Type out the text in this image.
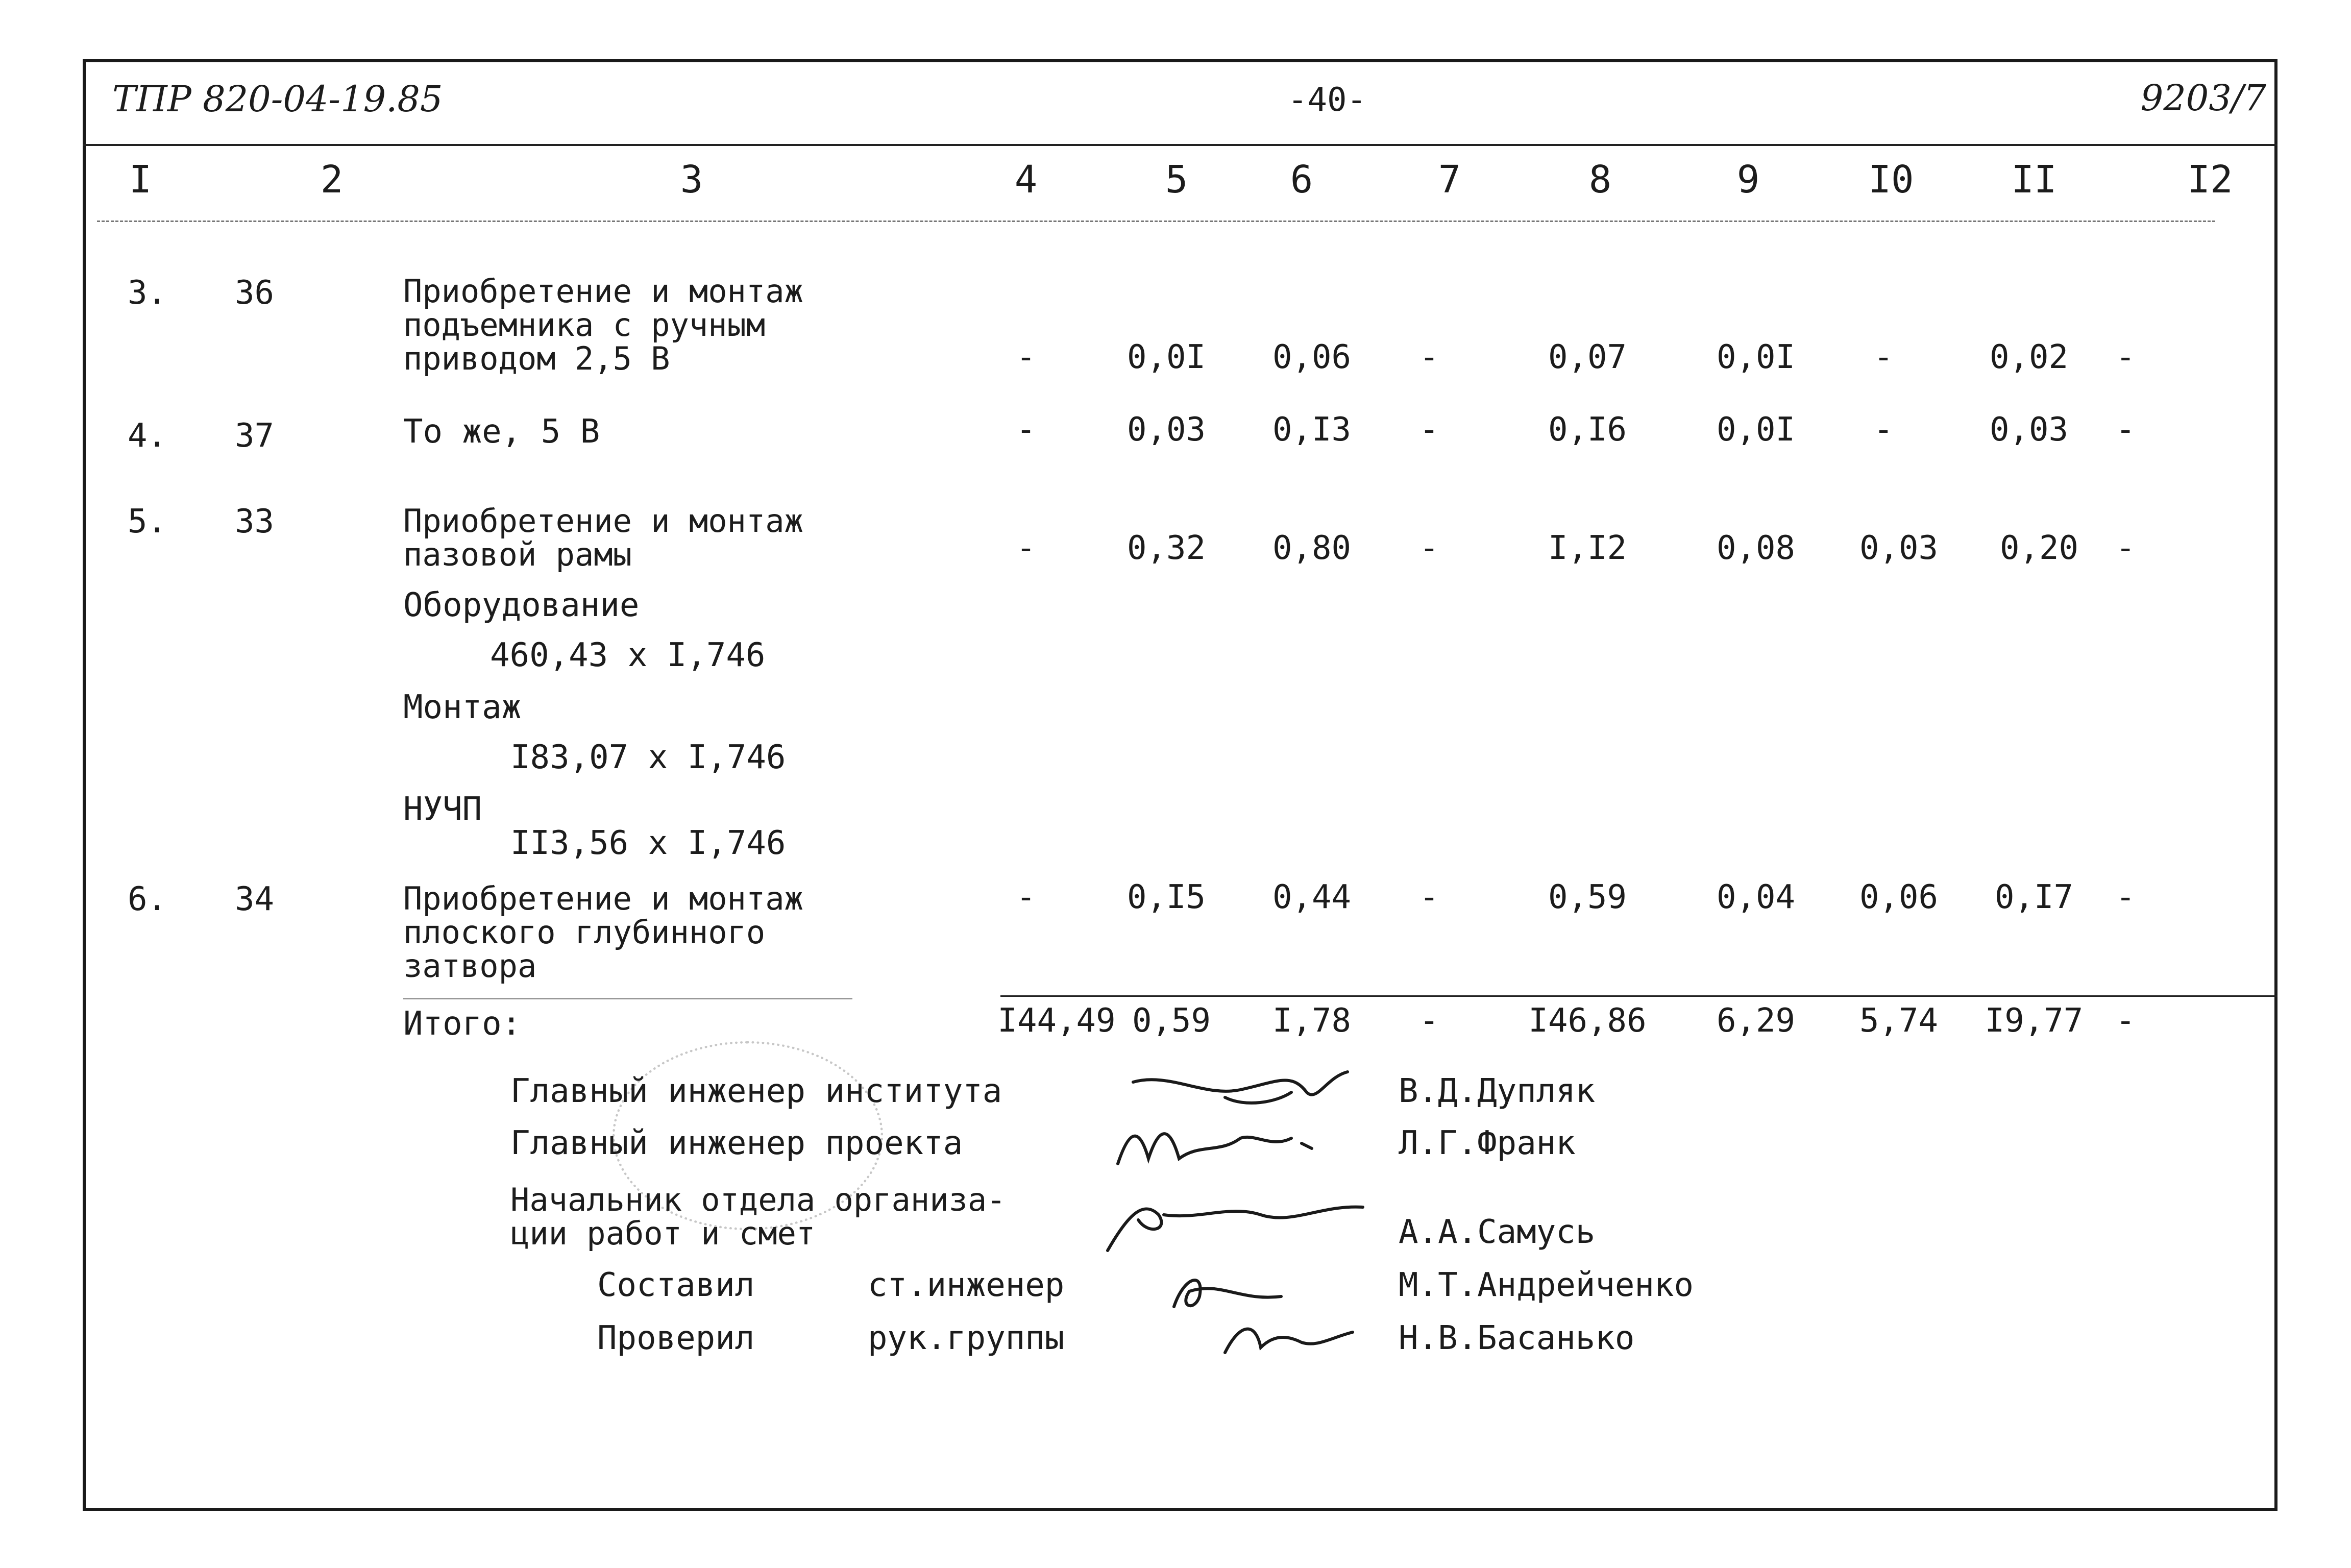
ТПР 820-04-19.85	-40-	9203/7
I	2	3	4	5	6	7	8	9	I0	II	I2
3. 36	Приобретение и монтаж
подъемника с ручным
приводом 2,5 В	-	0,0I 0,06 -	0,07	0,0I -	0,02 -
4. 37	То же, 5 В	-	0,03 0,I3 -	0,I6	0,0I -	0,03 -
5. 33	Приобретение и монтаж
пазовой рамы	-	0,32 0,80 -	I,I2	0,08 0,03 0,20 -
Оборудование
460,43 х I,746
Монтаж
I83,07 х I,746
НУЧП
II3,56 х I,746
6. 34	Приобретение и монтаж
плоского глубинного
затвора
-	0,I5 0,44 -	0,59	0,04 0,06 0,I7 -
Итого:	I44,49 0,59 I,78 -	I46,86 6,29 5,74 I9,77 -
Главный инженер института	В.Д.Дупляк
Главный инженер проекта	Л.Г.Франк
Начальник отдела организа-
ции работ и смет	А.А.Самусь
Составил	ст.инженер	М.Т.Андрейченко
Проверил	рук.группы	Н.В.Басанько
